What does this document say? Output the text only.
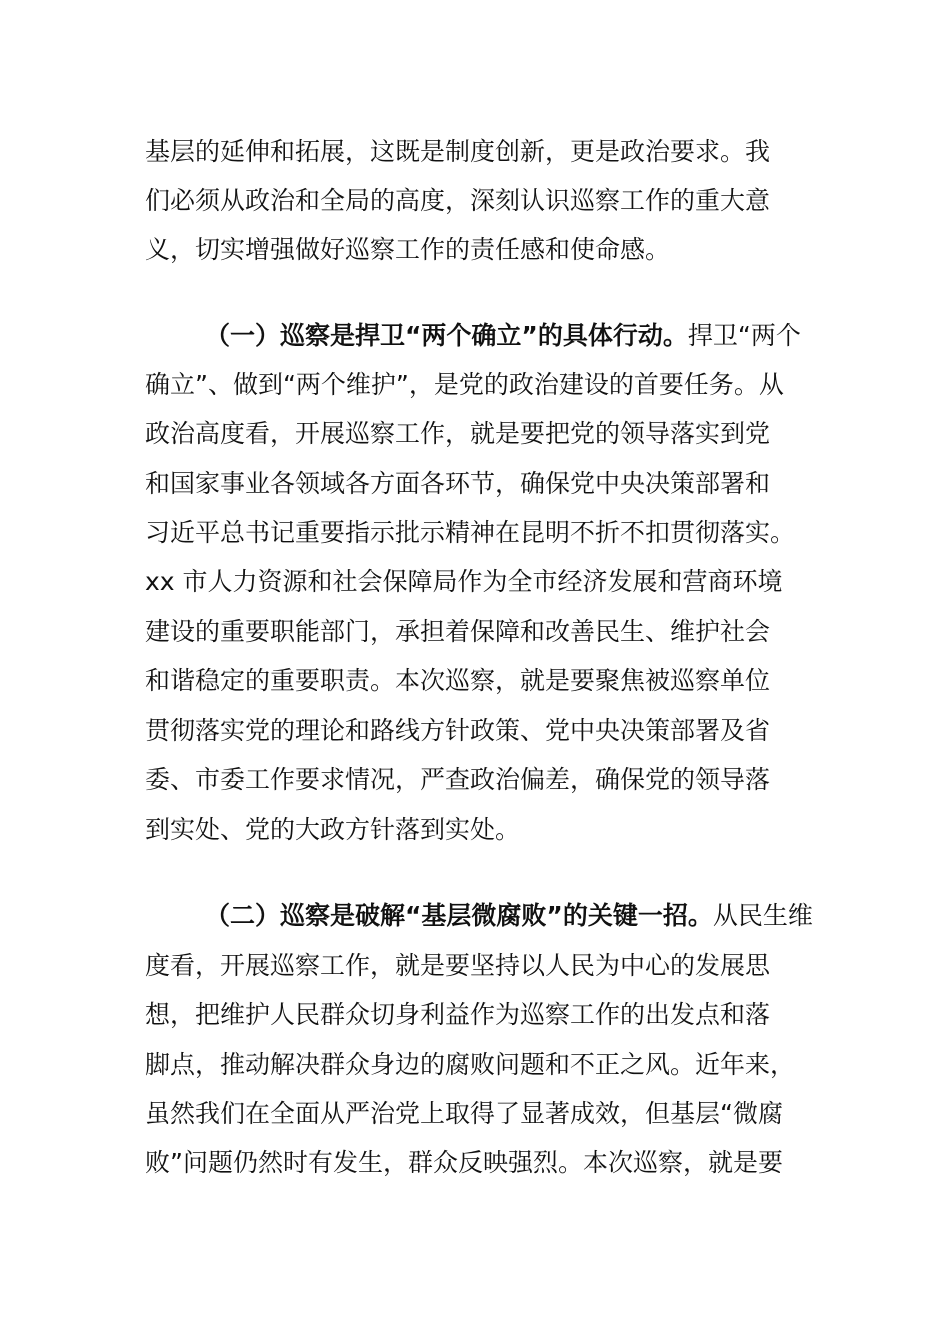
基层的延伸和拓展，这既是制度创新，更是政治要求。我
们必须从政治和全局的高度，深刻认识巡察工作的重大意
义，切实增强做好巡察工作的责任感和使命感。
（一）巡察是捍卫“两个确立”的具体行动。捍卫“两个
确立”、做到“两个维护”，是党的政治建设的首要任务。从
政治高度看，开展巡察工作，就是要把党的领导落实到党
和国家事业各领域各方面各环节，确保党中央决策部署和
习近平总书记重要指示批示精神在昆明不折不扣贯彻落实。
xx 市人力资源和社会保障局作为全市经济发展和营商环境
建设的重要职能部门，承担着保障和改善民生、维护社会
和谐稳定的重要职责。本次巡察，就是要聚焦被巡察单位
贯彻落实党的理论和路线方针政策、党中央决策部署及省
委、市委工作要求情况，严查政治偏差，确保党的领导落
到实处、党的大政方针落到实处。
（二）巡察是破解“基层微腐败”的关键一招。从民生维
度看，开展巡察工作，就是要坚持以人民为中心的发展思
想，把维护人民群众切身利益作为巡察工作的出发点和落
脚点，推动解决群众身边的腐败问题和不正之风。近年来，
虽然我们在全面从严治党上取得了显著成效，但基层“微腐
败”问题仍然时有发生，群众反映强烈。本次巡察，就是要
